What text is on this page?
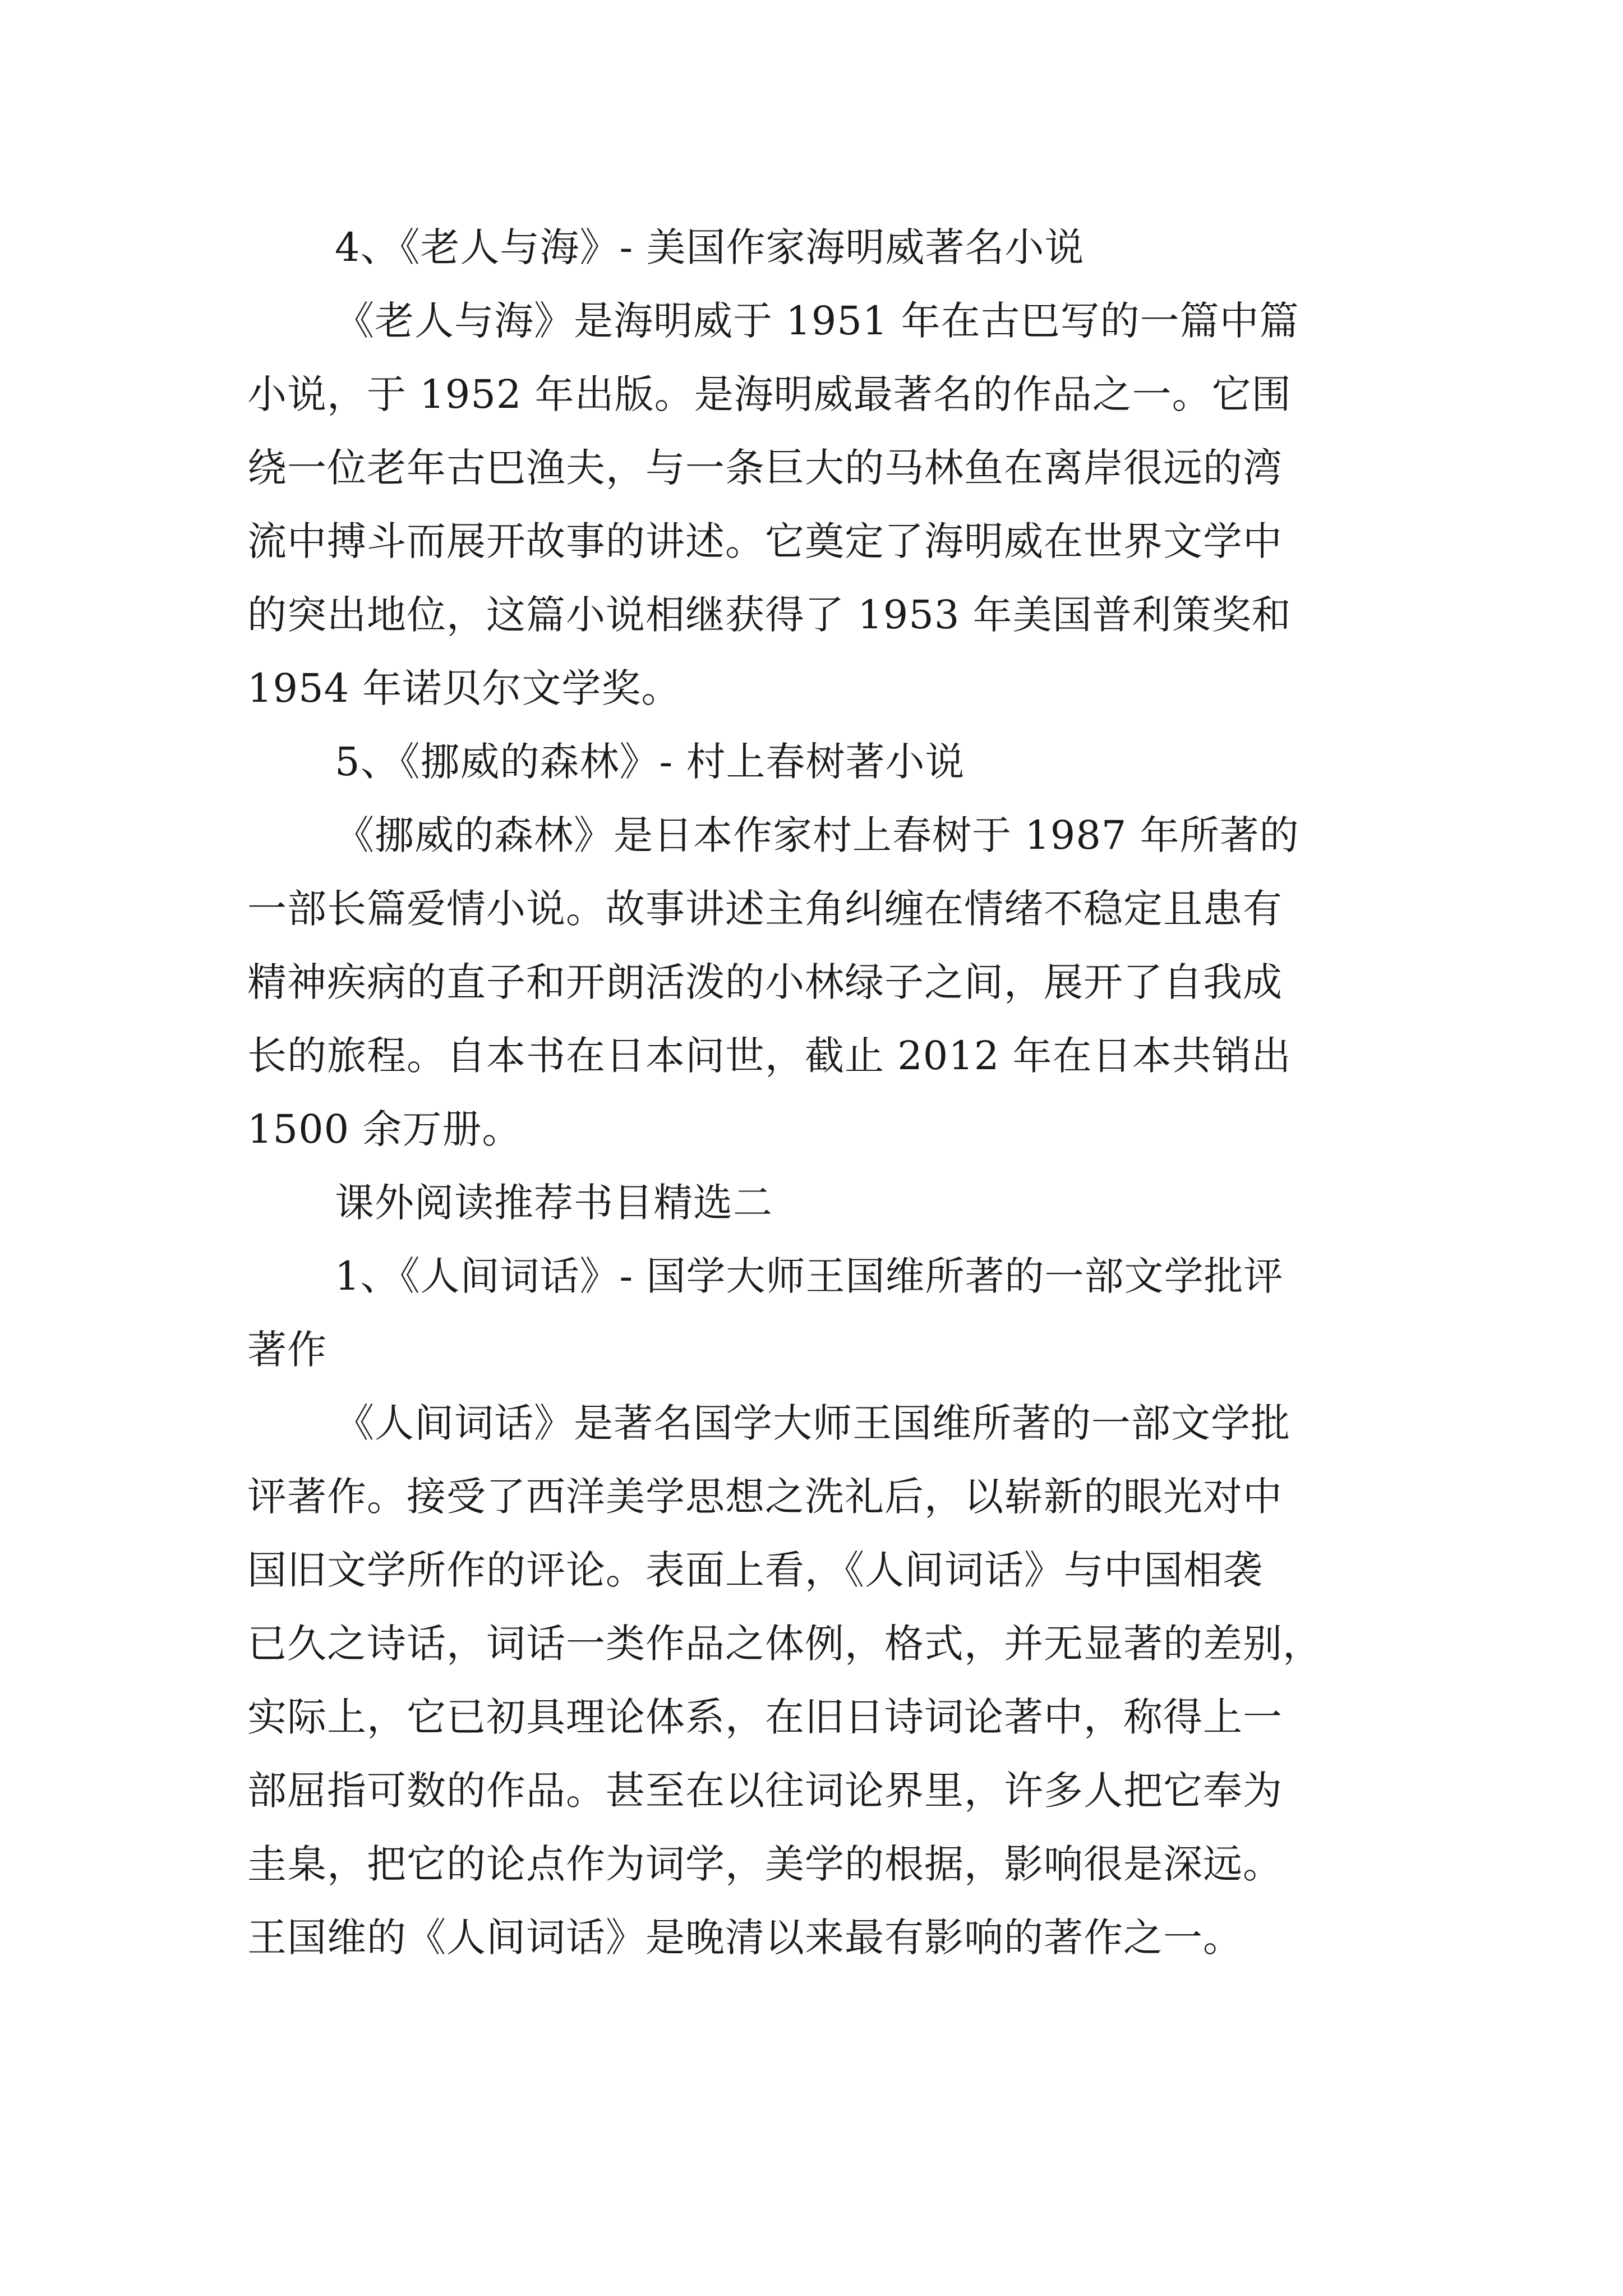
4、《老人与海》- 美国作家海明威著名小说
《老人与海》是海明威于 1951 年在古巴写的一篇中篇
小说，于 1952 年出版。是海明威最著名的作品之一。它围
绕一位老年古巴渔夫，与一条巨大的马林鱼在离岸很远的湾
流中搏斗而展开故事的讲述。它奠定了海明威在世界文学中
的突出地位，这篇小说相继获得了 1953 年美国普利策奖和
1954 年诺贝尔文学奖。
5、《挪威的森林》- 村上春树著小说
《挪威的森林》是日本作家村上春树于 1987 年所著的
一部长篇爱情小说。故事讲述主角纠缠在情绪不稳定且患有
精神疾病的直子和开朗活泼的小林绿子之间，展开了自我成
长的旅程。自本书在日本问世，截止 2012 年在日本共销出
1500 余万册。
课外阅读推荐书目精选二
1、《人间词话》- 国学大师王国维所著的一部文学批评
著作
《人间词话》是著名国学大师王国维所著的一部文学批
评著作。接受了西洋美学思想之洗礼后，以崭新的眼光对中
国旧文学所作的评论。表面上看，《人间词话》与中国相袭
已久之诗话，词话一类作品之体例，格式，并无显著的差别，
实际上，它已初具理论体系，在旧日诗词论著中，称得上一
部屈指可数的作品。甚至在以往词论界里，许多人把它奉为
圭臬，把它的论点作为词学，美学的根据，影响很是深远。
王国维的《人间词话》是晚清以来最有影响的著作之一。
